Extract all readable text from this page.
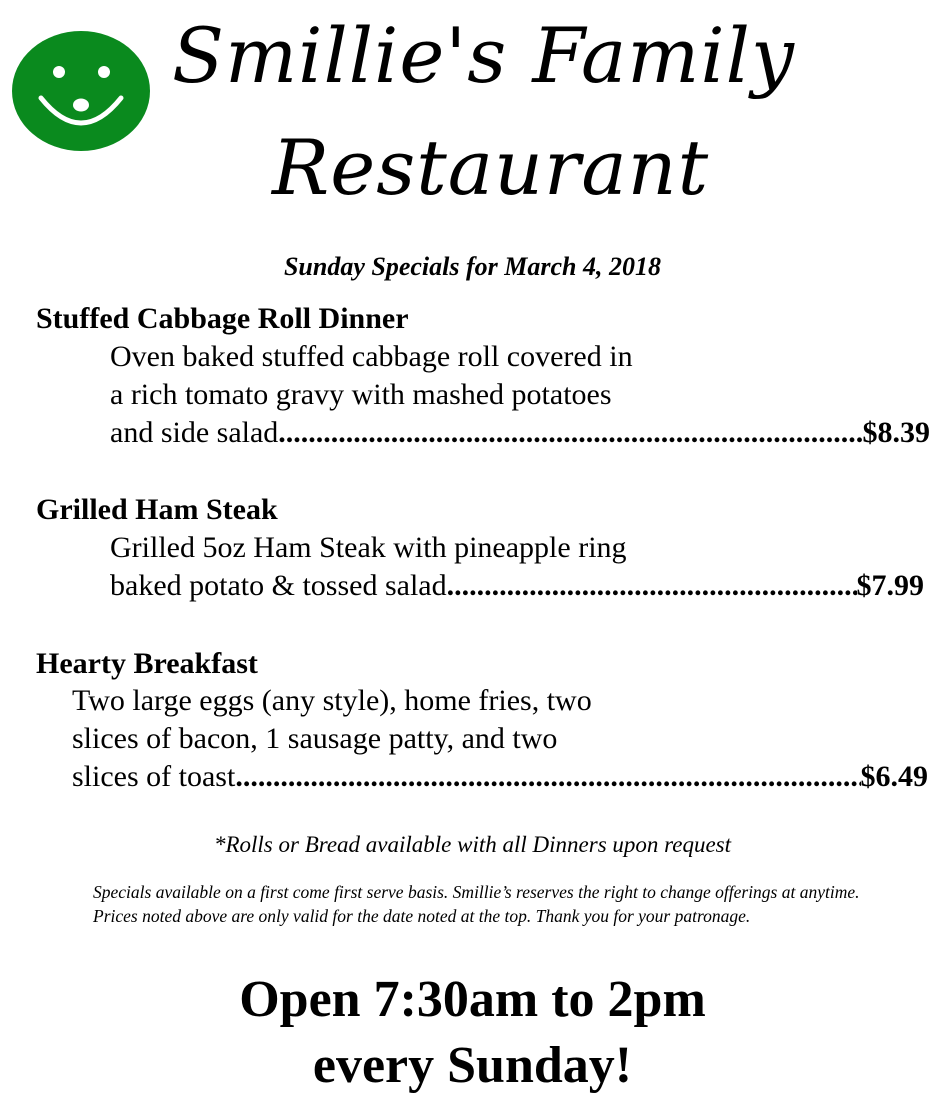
Smillie's Family
Restaurant
Sunday Specials for March 4, 2018
Stuffed Cabbage Roll Dinner
Oven baked stuffed cabbage roll covered in
a rich tomato gravy with mashed potatoes
and side salad .....	$8.39
Grilled Ham Steak
Grilled 5oz Ham Steak with pineapple ring
baked potato & tossed salad .....	$7.99
Hearty Breakfast
Two large eggs (any style), home fries, two
slices of bacon, 1 sausage patty, and two
slices of toast .....	$6.49
*Rolls or Bread available with all Dinners upon request
Specials available on a first come first serve basis. Smillie’s reserves the right to change offerings at anytime. Prices noted above are only valid for the date noted at the top. Thank you for your patronage.
Open 7:30am to 2pm
every Sunday!
